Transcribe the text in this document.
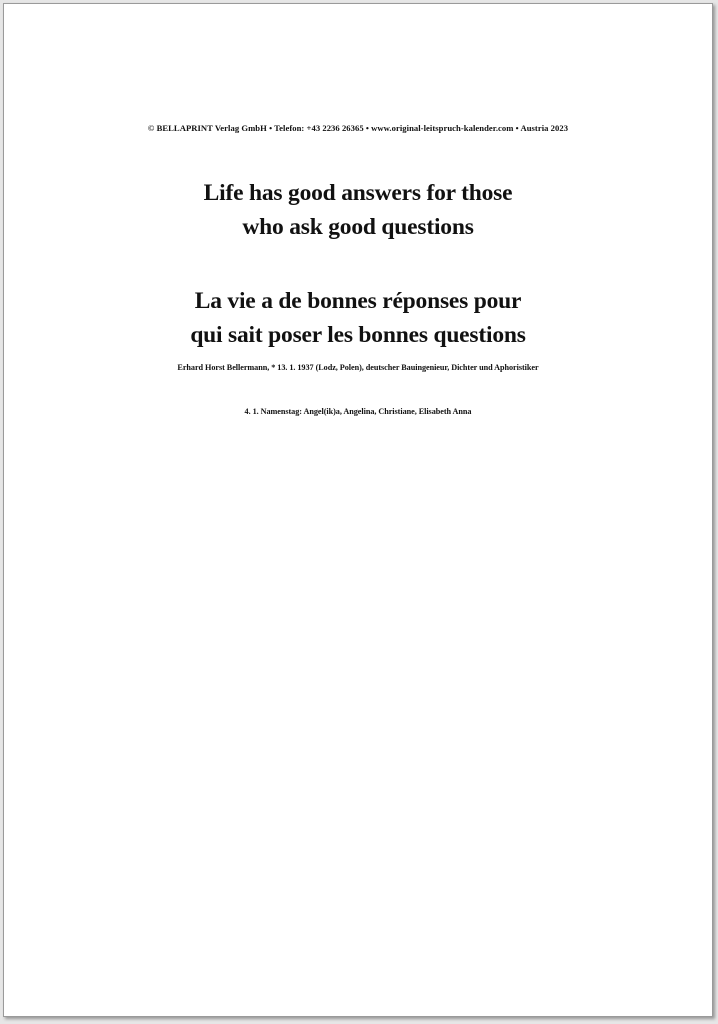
© BELLAPRINT Verlag GmbH • Telefon: +43 2236 26365 • www.original-leitspruch-kalender.com • Austria 2023
Life has good answers for those
who ask good questions
La vie a de bonnes réponses pour
qui sait poser les bonnes questions
Erhard Horst Bellermann, * 13. 1. 1937 (Lodz, Polen), deutscher Bauingenieur, Dichter und Aphoristiker
4. 1. Namenstag: Angel(ik)a, Angelina, Christiane, Elisabeth Anna
